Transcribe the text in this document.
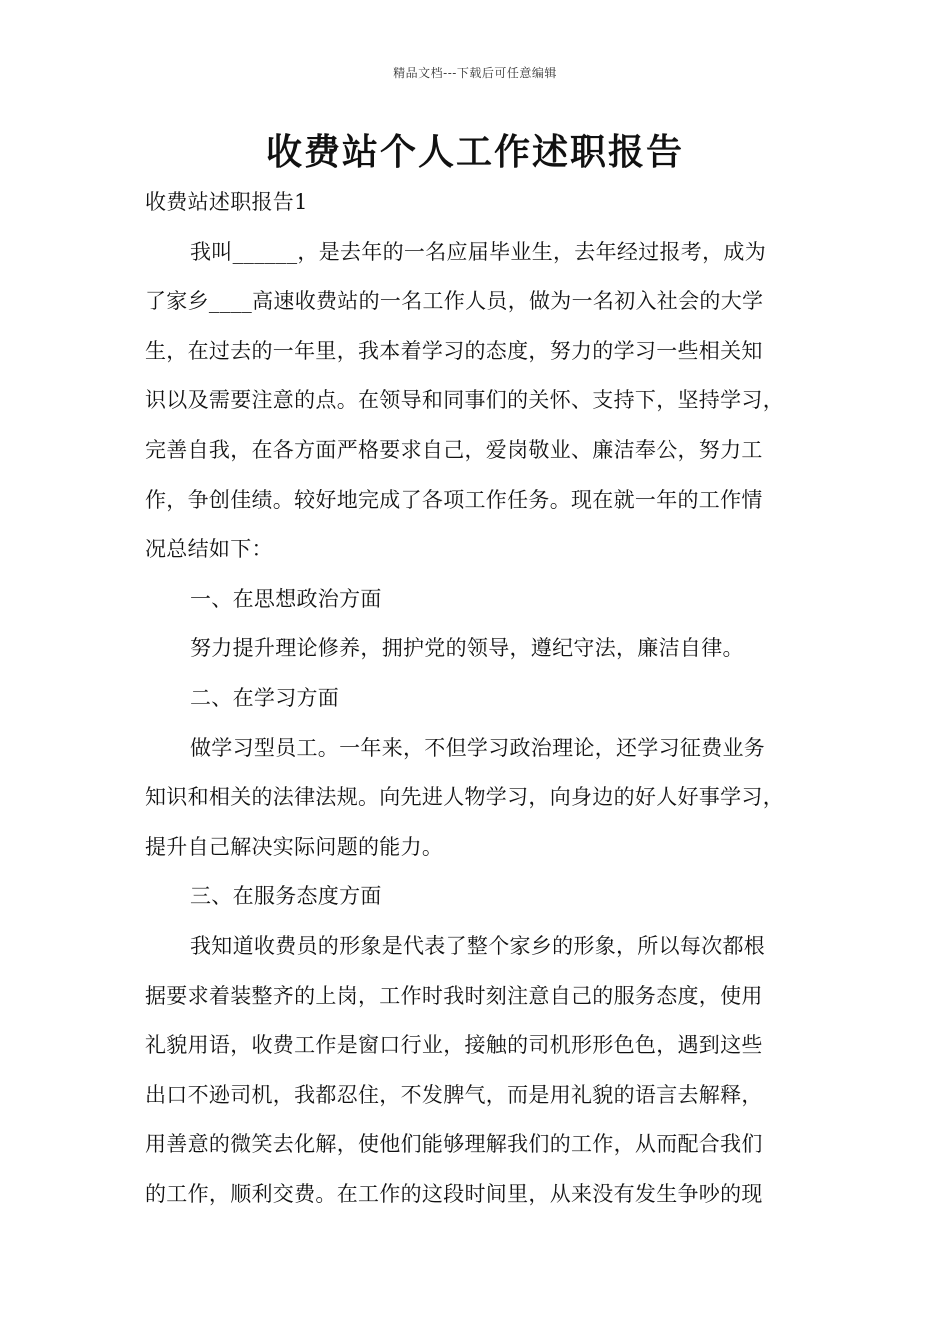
精品文档---下载后可任意编辑
收费站个人工作述职报告
收费站述职报告1
我叫______，是去年的一名应届毕业生，去年经过报考，成为
了家乡____高速收费站的一名工作人员，做为一名初入社会的大学
生，在过去的一年里，我本着学习的态度，努力的学习一些相关知
识以及需要注意的点。在领导和同事们的关怀、支持下，坚持学习，
完善自我，在各方面严格要求自己，爱岗敬业、廉洁奉公，努力工
作，争创佳绩。较好地完成了各项工作任务。现在就一年的工作情
况总结如下：
一、在思想政治方面
努力提升理论修养，拥护党的领导，遵纪守法，廉洁自律。
二、在学习方面
做学习型员工。一年来，不但学习政治理论，还学习征费业务
知识和相关的法律法规。向先进人物学习，向身边的好人好事学习，
提升自己解决实际问题的能力。
三、在服务态度方面
我知道收费员的形象是代表了整个家乡的形象，所以每次都根
据要求着装整齐的上岗，工作时我时刻注意自己的服务态度，使用
礼貌用语，收费工作是窗口行业，接触的司机形形色色，遇到这些
出口不逊司机，我都忍住，不发脾气，而是用礼貌的语言去解释，
用善意的微笑去化解，使他们能够理解我们的工作，从而配合我们
的工作，顺利交费。在工作的这段时间里，从来没有发生争吵的现
